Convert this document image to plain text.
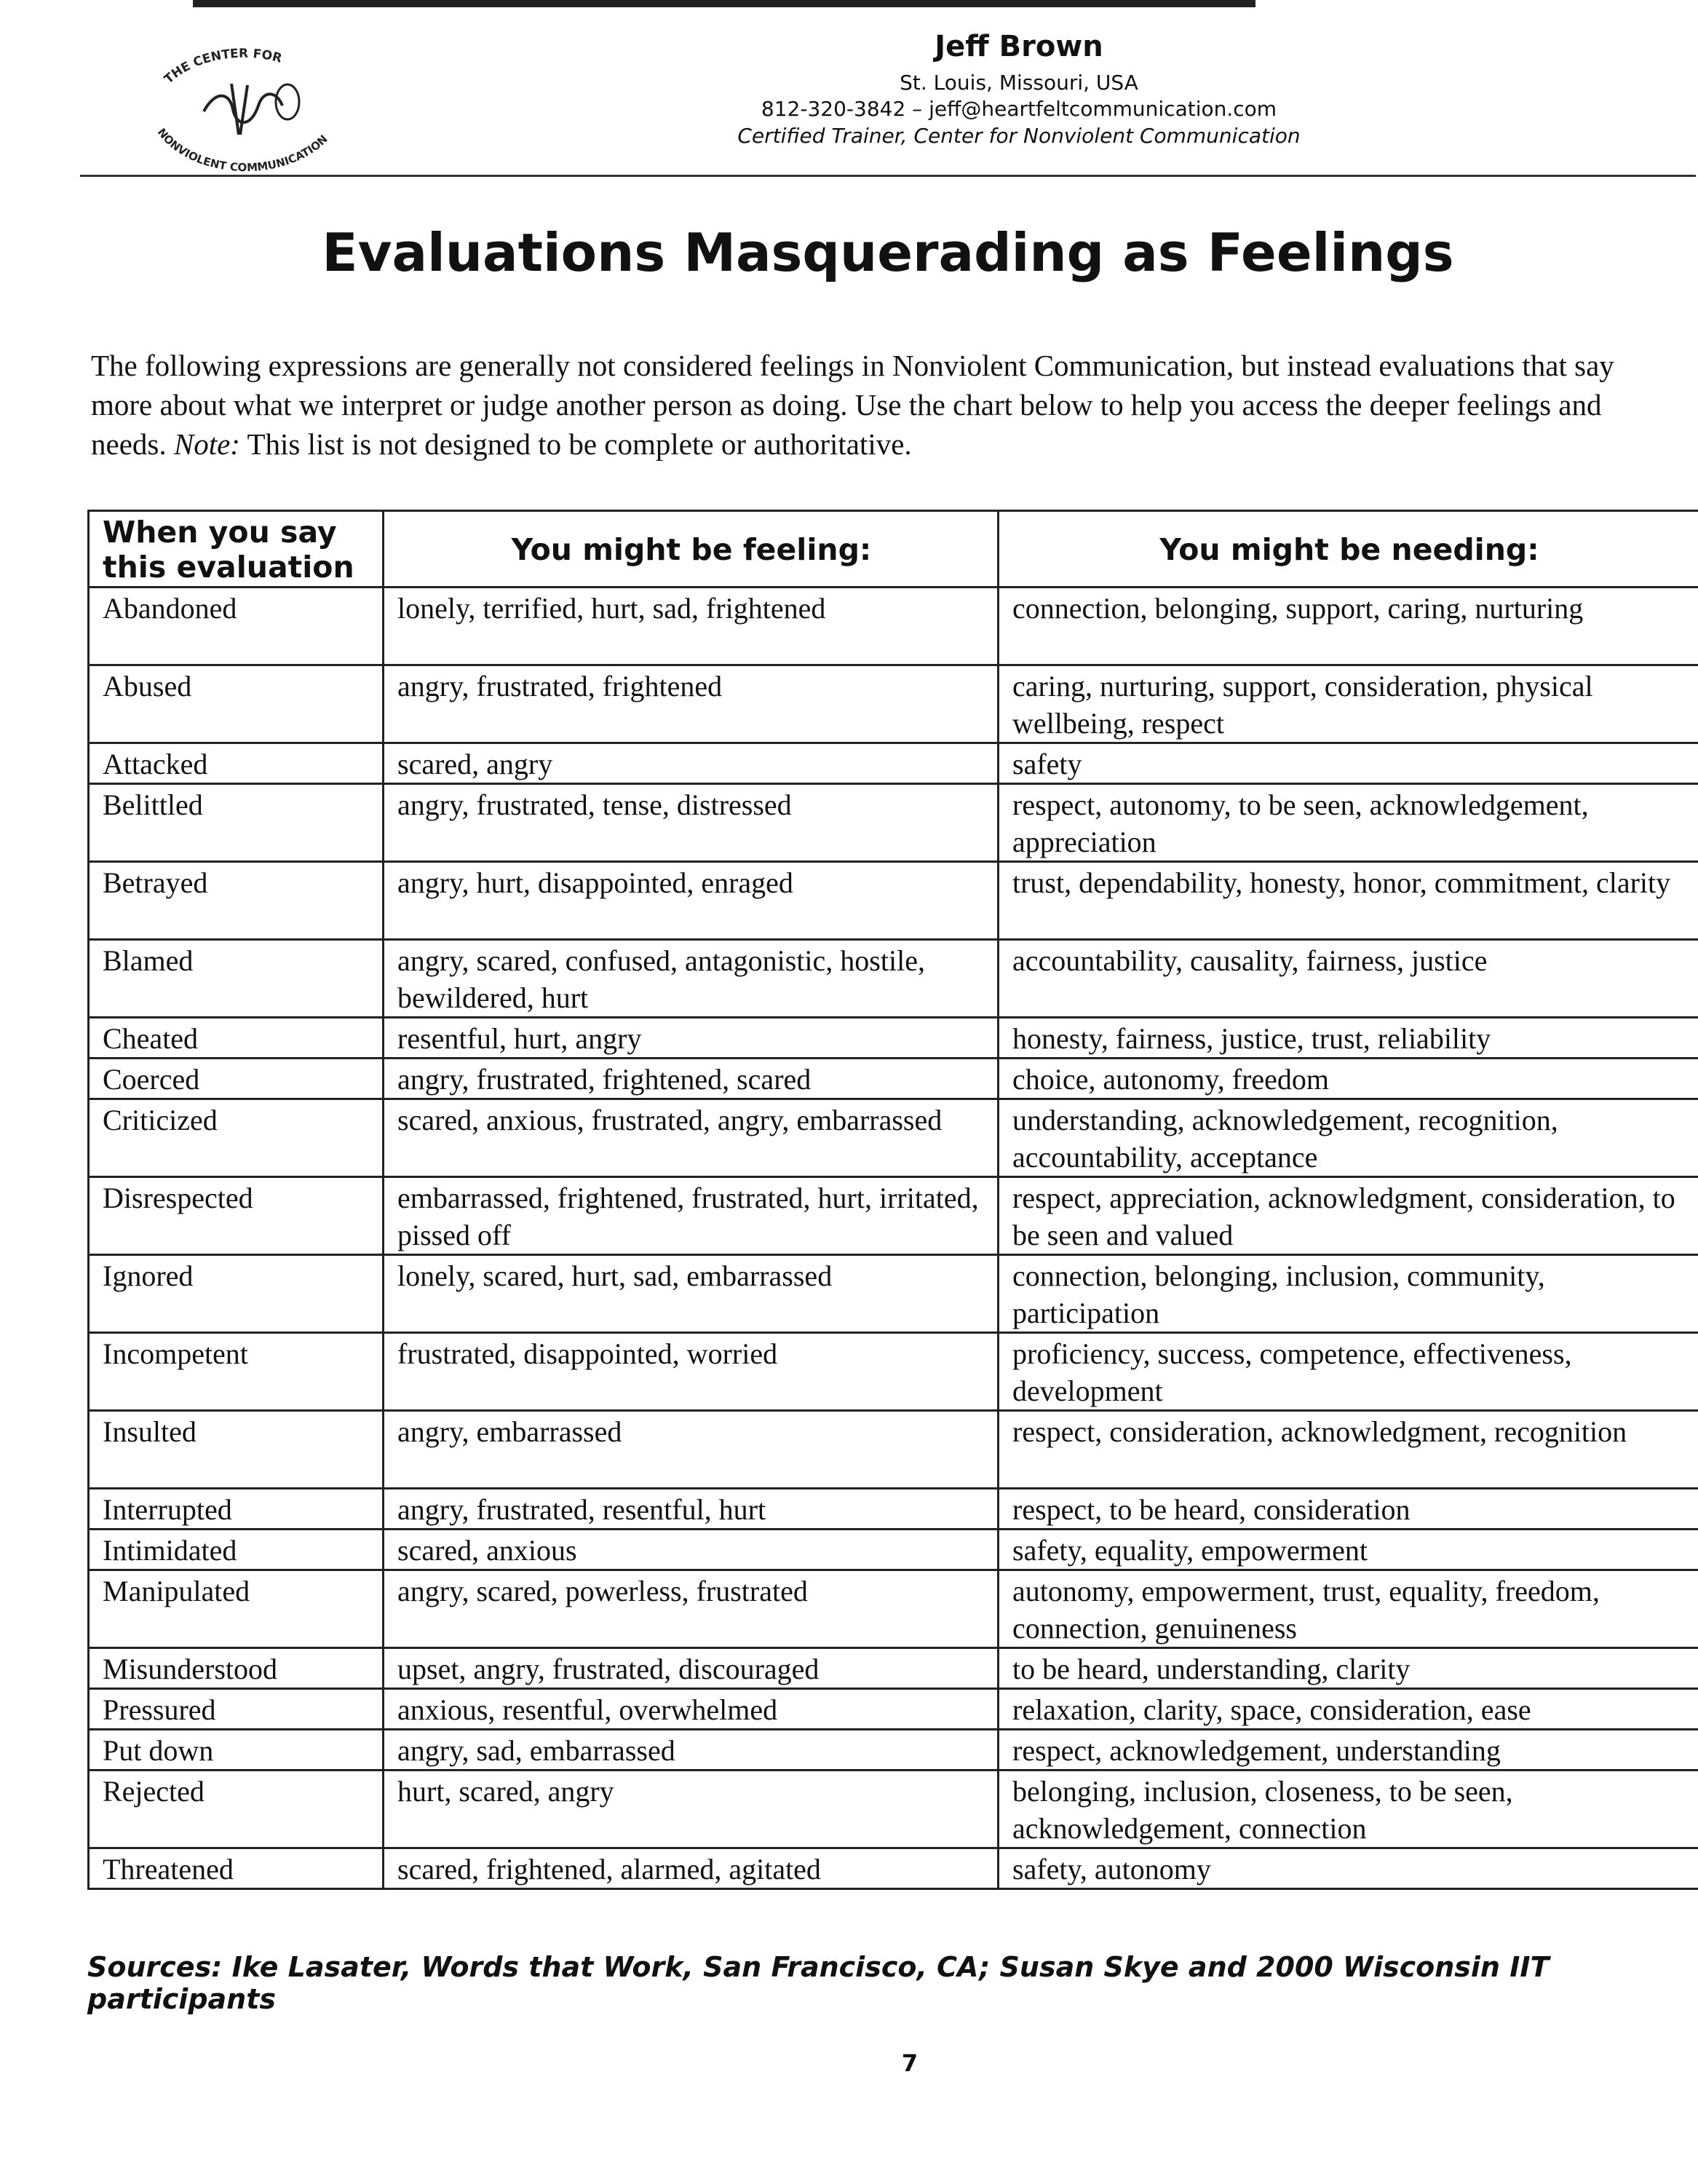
THE CENTER FOR
NONVIOLENT COMMUNICATION
Jeff Brown
St. Louis, Missouri, USA
812-320-3842 – jeff@heartfeltcommunication.com
Certified Trainer, Center for Nonviolent Communication
Evaluations Masquerading as Feelings
The following expressions are generally not considered feelings in Nonviolent Communication, but instead evaluations that say more about what we interpret or judge another person as doing. Use the chart below to help you access the deeper feelings and needs. Note: This list is not designed to be complete or authoritative.
When you say this evaluation	You might be feeling:	You might be needing:
Abandoned	lonely, terrified, hurt, sad, frightened	connection, belonging, support, caring, nurturing
Abused	angry, frustrated, frightened	caring, nurturing, support, consideration, physical wellbeing, respect
Attacked	scared, angry	safety
Belittled	angry, frustrated, tense, distressed	respect, autonomy, to be seen, acknowledgement, appreciation
Betrayed	angry, hurt, disappointed, enraged	trust, dependability, honesty, honor, commitment, clarity
Blamed	angry, scared, confused, antagonistic, hostile, bewildered, hurt	accountability, causality, fairness, justice
Cheated	resentful, hurt, angry	honesty, fairness, justice, trust, reliability
Coerced	angry, frustrated, frightened, scared	choice, autonomy, freedom
Criticized	scared, anxious, frustrated, angry, embarrassed	understanding, acknowledgement, recognition, accountability, acceptance
Disrespected	embarrassed, frightened, frustrated, hurt, irritated, pissed off	respect, appreciation, acknowledgment, consideration, to be seen and valued
Ignored	lonely, scared, hurt, sad, embarrassed	connection, belonging, inclusion, community, participation
Incompetent	frustrated, disappointed, worried	proficiency, success, competence, effectiveness, development
Insulted	angry, embarrassed	respect, consideration, acknowledgment, recognition
Interrupted	angry, frustrated, resentful, hurt	respect, to be heard, consideration
Intimidated	scared, anxious	safety, equality, empowerment
Manipulated	angry, scared, powerless, frustrated	autonomy, empowerment, trust, equality, freedom, connection, genuineness
Misunderstood	upset, angry, frustrated, discouraged	to be heard, understanding, clarity
Pressured	anxious, resentful, overwhelmed	relaxation, clarity, space, consideration, ease
Put down	angry, sad, embarrassed	respect, acknowledgement, understanding
Rejected	hurt, scared, angry	belonging, inclusion, closeness, to be seen, acknowledgement, connection
Threatened	scared, frightened, alarmed, agitated	safety, autonomy
Sources: Ike Lasater, Words that Work, San Francisco, CA; Susan Skye and 2000 Wisconsin IIT participants
7
